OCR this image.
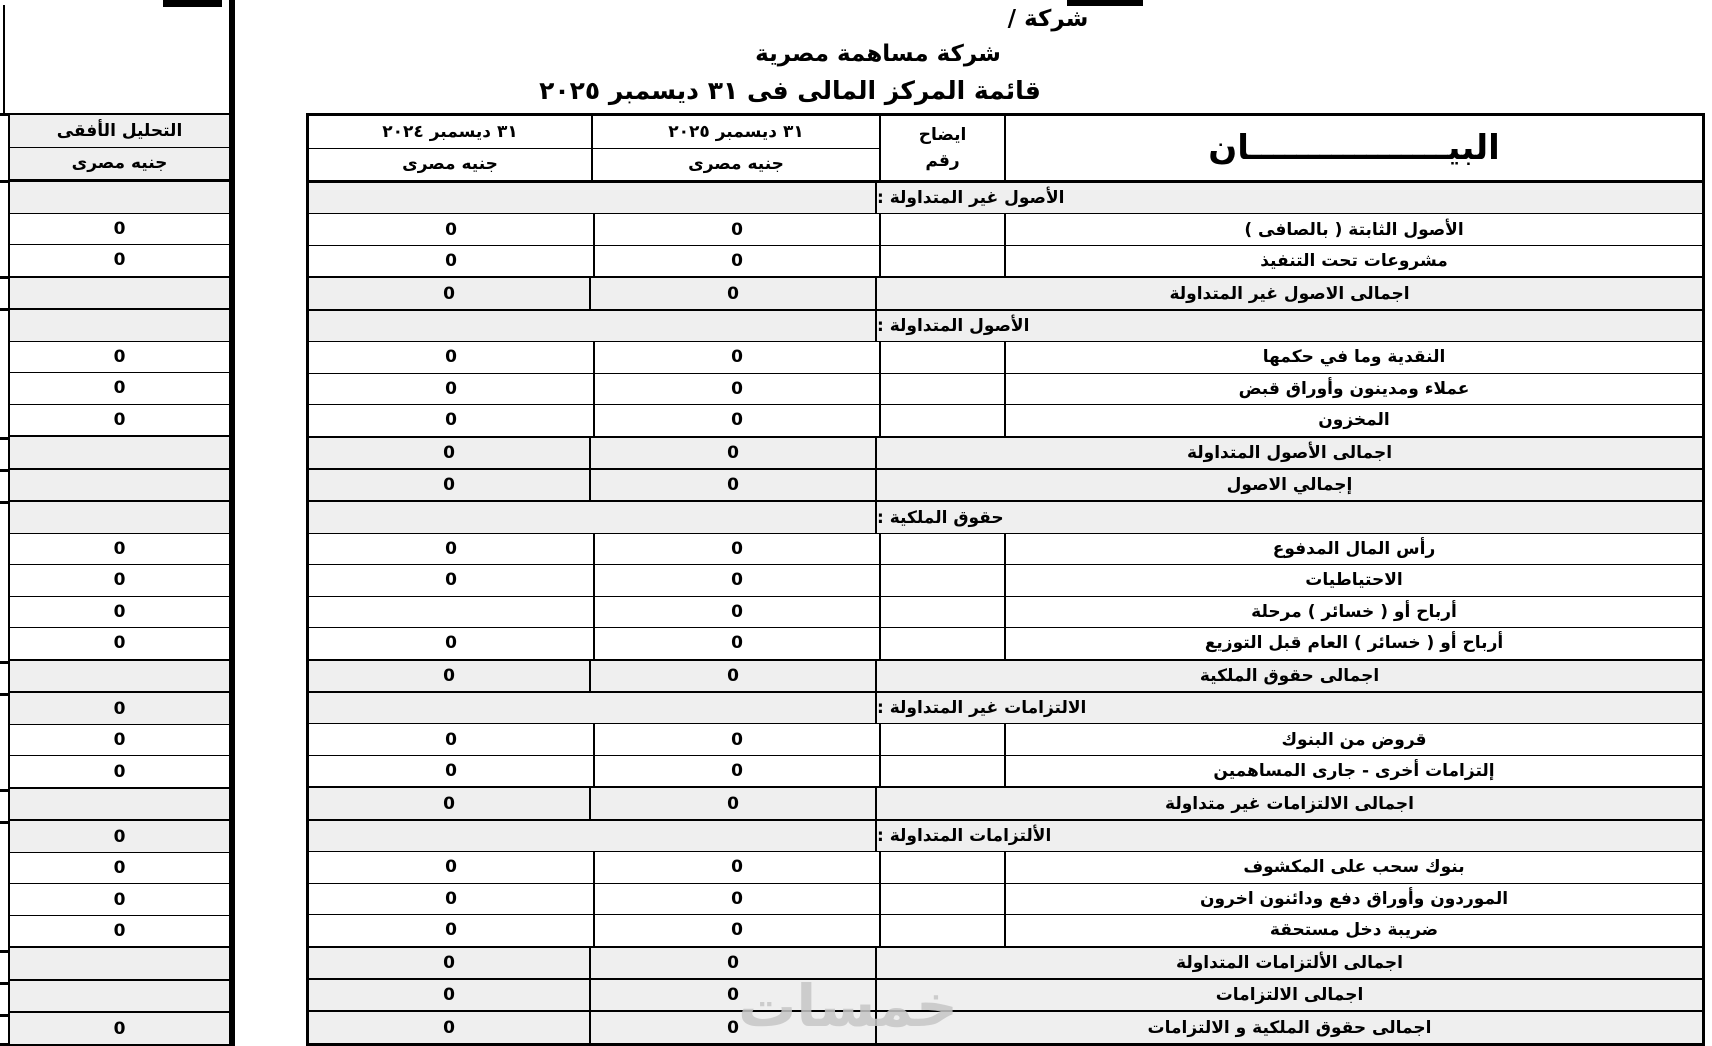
شركة /
شركة مساهمة مصرية
قائمة المركز المالى فى ٣١ ديسمبر ٢٠٢٥
البيـــــــــــــــــان
ايضاح
رقم
٣١ ديسمبر ٢٠٢٥
جنيه مصرى
٣١ ديسمبر ٢٠٢٤
جنيه مصرى
الأصول غير المتداولة :
الأصول الثابتة ( بالصافى )
0
0
مشروعات تحت التنفيذ
0
0
اجمالى الاصول غير المتداولة
0
0
الأصول المتداولة :
النقدية وما في حكمها
0
0
عملاء ومدينون وأوراق قبض
0
0
المخزون
0
0
اجمالى الأصول المتداولة
0
0
إجمالي الاصول
0
0
حقوق الملكية :
رأس المال المدفوع
0
0
الاحتياطيات
0
0
أرباح أو ( خسائر ) مرحلة
0
أرباح أو ( خسائر ) العام قبل التوزيع
0
0
اجمالى حقوق الملكية
0
0
الالتزامات غير المتداولة :
قروض من البنوك
0
0
إلتزامات أخرى - جارى المساهمين
0
0
اجمالى الالتزامات غير متداولة
0
0
الألتزامات المتداولة :
بنوك سحب على المكشوف
0
0
الموردون وأوراق دفع ودائنون اخرون
0
0
ضريبة دخل مستحقة
0
0
اجمالى الألتزامات المتداولة
0
0
اجمالى الالتزامات
0
0
اجمالى حقوق الملكية و الالتزامات
0
0
التحليل الأفقى
جنيه مصرى
0
0
0
0
0
0
0
0
0
0
0
0
0
0
0
0
0	خمسات
